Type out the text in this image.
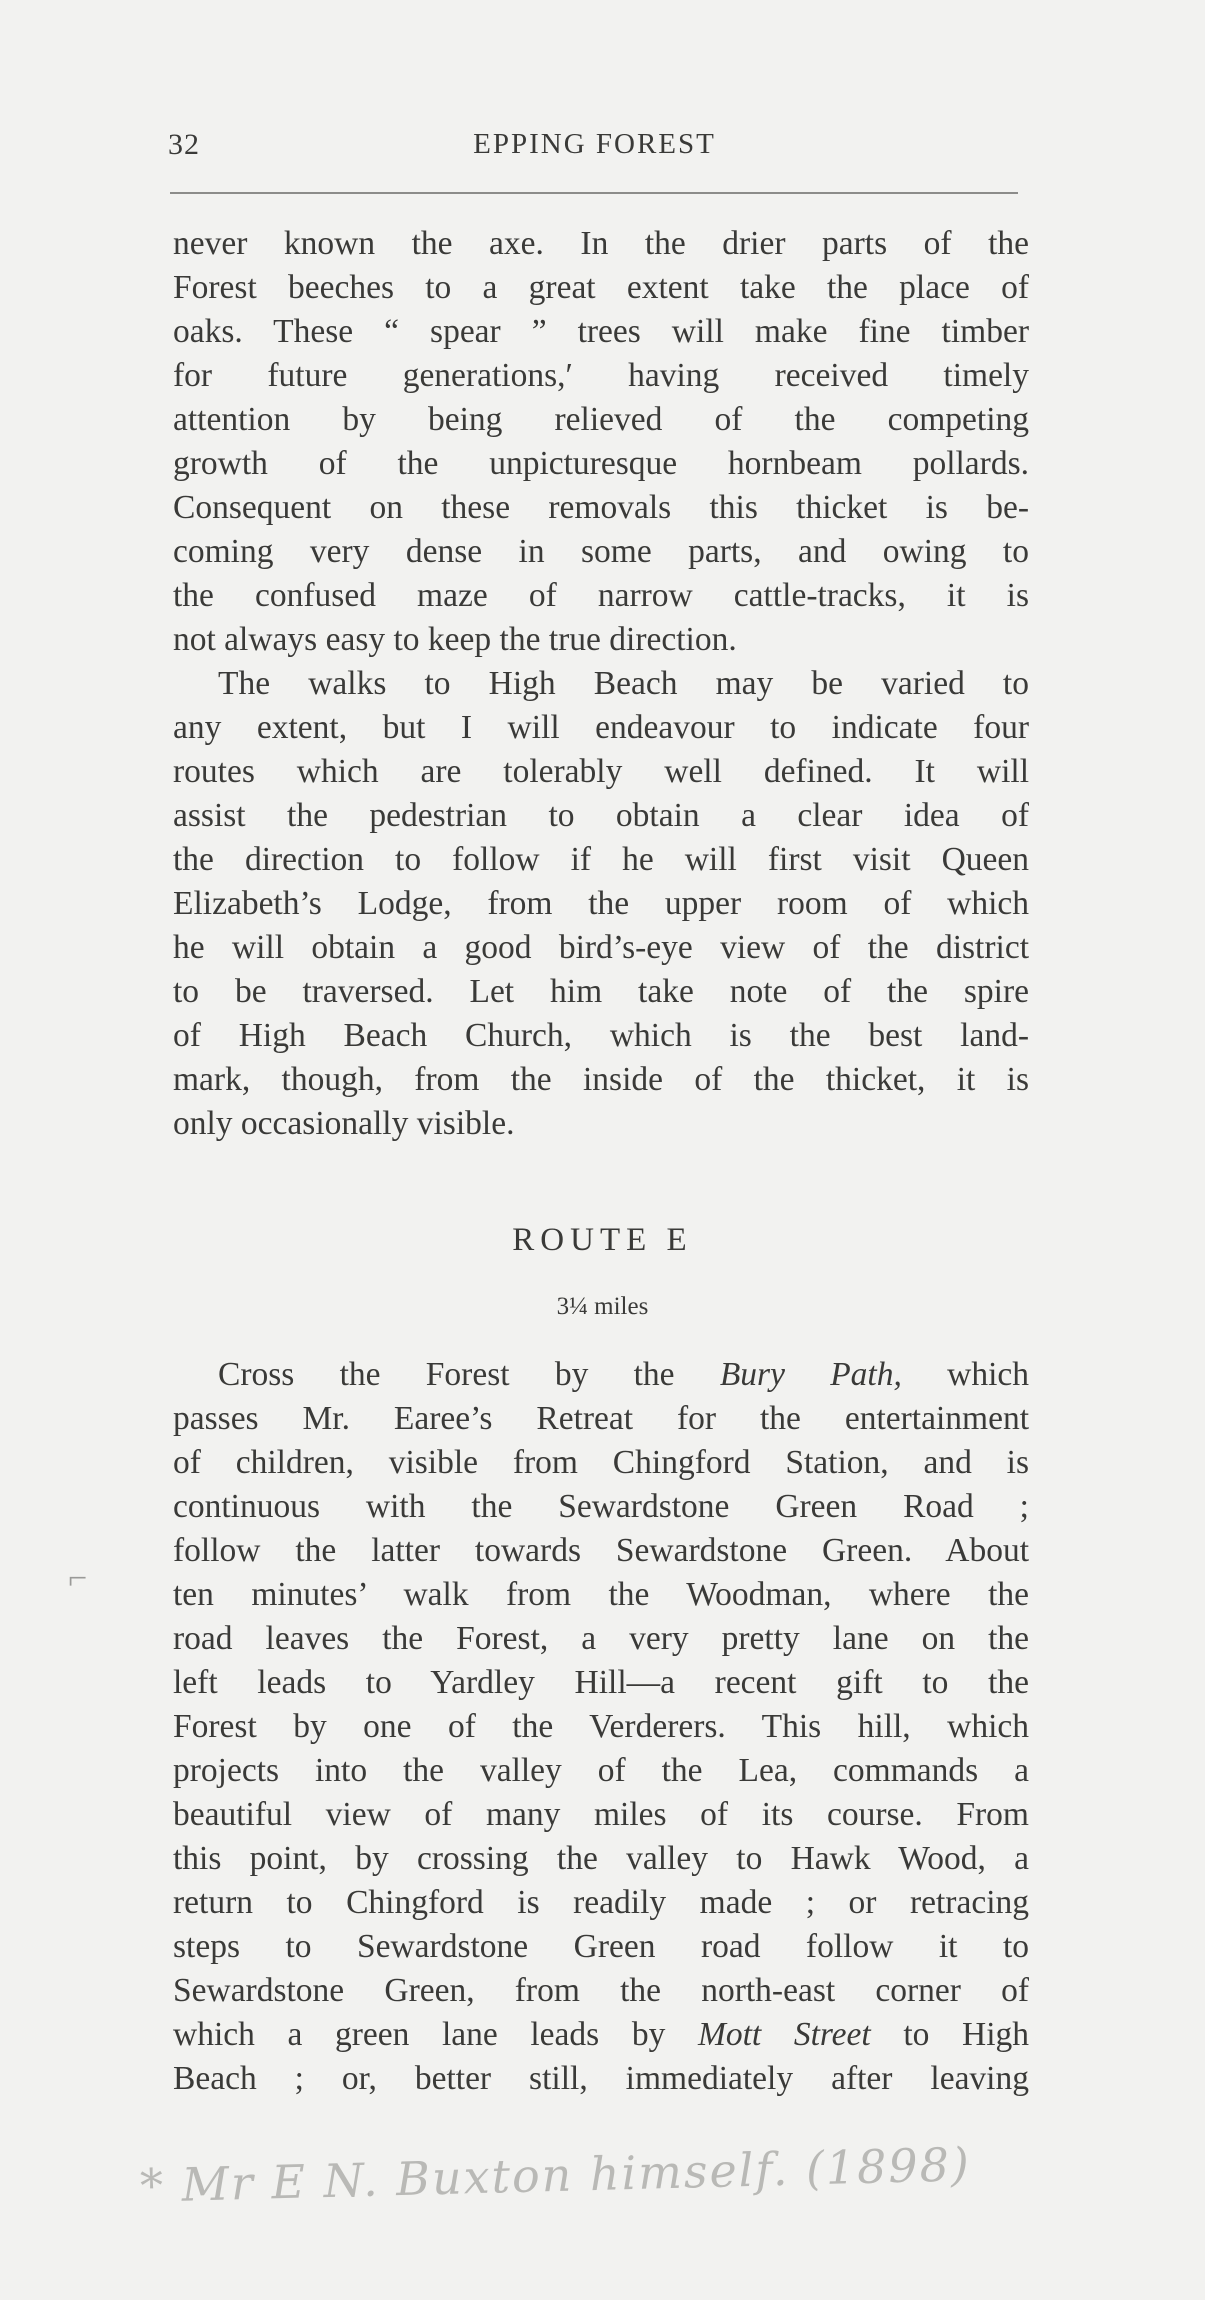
32	EPPING FOREST
never known the axe. In the drier parts of the
Forest beeches to a great extent take the place of
oaks. These “ spear ” trees will make fine timber
for future generations,′ having received timely
attention by being relieved of the competing
growth of the unpicturesque hornbeam pollards.
Consequent on these removals this thicket is be-
coming very dense in some parts, and owing to
the confused maze of narrow cattle-tracks, it is
not always easy to keep the true direction.
The walks to High Beach may be varied to
any extent, but I will endeavour to indicate four
routes which are tolerably well defined. It will
assist the pedestrian to obtain a clear idea of
the direction to follow if he will first visit Queen
Elizabeth’s Lodge, from the upper room of which
he will obtain a good bird’s-eye view of the district
to be traversed. Let him take note of the spire
of High Beach Church, which is the best land-
mark, though, from the inside of the thicket, it is
only occasionally visible.
ROUTE E
3¼ miles
Cross the Forest by the Bury Path, which
passes Mr. Earee’s Retreat for the entertainment
of children, visible from Chingford Station, and is
continuous with the Sewardstone Green Road ;
follow the latter towards Sewardstone Green. About
ten minutes’ walk from the Woodman, where the
road leaves the Forest, a very pretty lane on the
left leads to Yardley Hill—a recent gift to the
Forest by one of the Verderers. This hill, which
projects into the valley of the Lea, commands a
beautiful view of many miles of its course. From
this point, by crossing the valley to Hawk Wood, a
return to Chingford is readily made ; or retracing
steps to Sewardstone Green road follow it to
Sewardstone Green, from the north-east corner of
which a green lane leads by Mott Street to High
Beach ; or, better still, immediately after leaving
⌐
* Mr E N. Buxton himself. (1898)
